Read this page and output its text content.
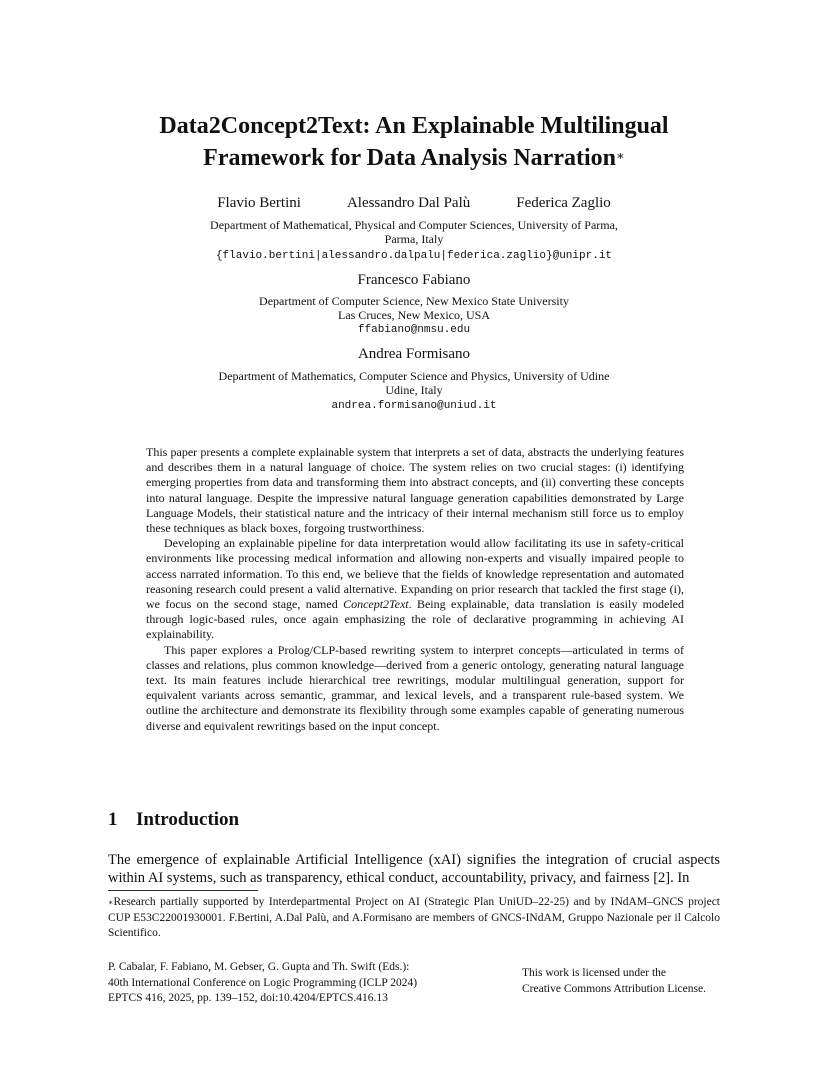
Data2Concept2Text: An Explainable Multilingual
Framework for Data Analysis Narration∗
Flavio Bertini	Alessandro Dal Palù	Federica Zaglio
Department of Mathematical, Physical and Computer Sciences, University of Parma,
Parma, Italy
{flavio.bertini|alessandro.dalpalu|federica.zaglio}@unipr.it
Francesco Fabiano
Department of Computer Science, New Mexico State University
Las Cruces, New Mexico, USA
ffabiano@nmsu.edu
Andrea Formisano
Department of Mathematics, Computer Science and Physics, University of Udine
Udine, Italy
andrea.formisano@uniud.it

This paper presents a complete explainable system that interprets a set of data, abstracts the underlying features and describes them in a natural language of choice. The system relies on two crucial stages: (i) identifying emerging properties from data and transforming them into abstract concepts, and (ii) converting these concepts into natural language. Despite the impressive natural language generation capabilities demonstrated by Large Language Models, their statistical nature and the intricacy of their internal mechanism still force us to employ these techniques as black boxes, forgoing trustworthiness.

Developing an explainable pipeline for data interpretation would allow facilitating its use in safety-critical environments like processing medical information and allowing non-experts and visually impaired people to access narrated information. To this end, we believe that the fields of knowledge representation and automated reasoning research could present a valid alternative. Expanding on prior research that tackled the first stage (i), we focus on the second stage, named Concept2Text. Being explainable, data translation is easily modeled through logic-based rules, once again emphasizing the role of declarative programming in achieving AI explainability.

This paper explores a Prolog/CLP-based rewriting system to interpret concepts—articulated in terms of classes and relations, plus common knowledge—derived from a generic ontology, generating natural language text. Its main features include hierarchical tree rewritings, modular multilingual generation, support for equivalent variants across semantic, grammar, and lexical levels, and a transparent rule-based system. We outline the architecture and demonstrate its flexibility through some examples capable of generating numerous diverse and equivalent rewritings based on the input concept.

1 Introduction

The emergence of explainable Artificial Intelligence (xAI) signifies the integration of crucial aspects within AI systems, such as transparency, ethical conduct, accountability, privacy, and fairness [2]. In

∗Research partially supported by Interdepartmental Project on AI (Strategic Plan UniUD–22-25) and by INdAM–GNCS project CUP E53C22001930001. F.Bertini, A.Dal Palù, and A.Formisano are members of GNCS-INdAM, Gruppo Nazionale per il Calcolo Scientifico.

P. Cabalar, F. Fabiano, M. Gebser, G. Gupta and Th. Swift (Eds.):
40th International Conference on Logic Programming (ICLP 2024)
EPTCS 416, 2025, pp. 139–152, doi:10.4204/EPTCS.416.13
This work is licensed under the
Creative Commons Attribution License.
